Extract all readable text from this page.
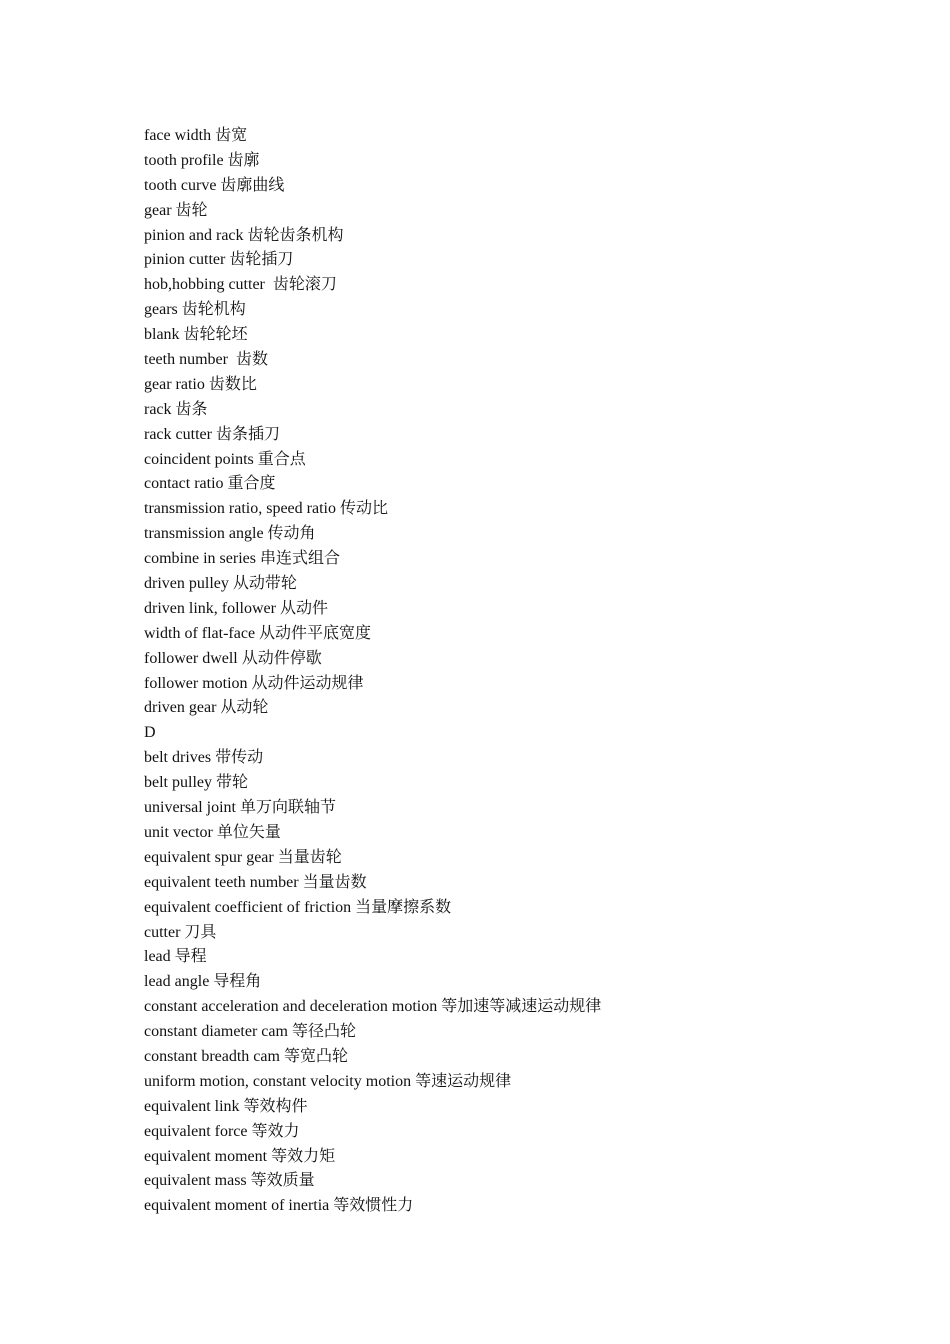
face width 齿宽
tooth profile 齿廓
tooth curve 齿廓曲线
gear 齿轮
pinion and rack 齿轮齿条机构
pinion cutter 齿轮插刀
hob,hobbing cutter  齿轮滚刀
gears 齿轮机构
blank 齿轮轮坯
teeth number  齿数
gear ratio 齿数比
rack 齿条
rack cutter 齿条插刀
coincident points 重合点
contact ratio 重合度
transmission ratio, speed ratio 传动比
transmission angle 传动角
combine in series 串连式组合
driven pulley 从动带轮
driven link, follower 从动件
width of flat-face 从动件平底宽度
follower dwell 从动件停歇
follower motion 从动件运动规律
driven gear 从动轮
D
belt drives 带传动
belt pulley 带轮
universal joint 单万向联轴节
unit vector 单位矢量
equivalent spur gear 当量齿轮
equivalent teeth number 当量齿数
equivalent coefficient of friction 当量摩擦系数
cutter 刀具
lead 导程
lead angle 导程角
constant acceleration and deceleration motion 等加速等减速运动规律
constant diameter cam 等径凸轮
constant breadth cam 等宽凸轮
uniform motion, constant velocity motion 等速运动规律
equivalent link 等效构件
equivalent force 等效力
equivalent moment 等效力矩
equivalent mass 等效质量
equivalent moment of inertia 等效惯性力
